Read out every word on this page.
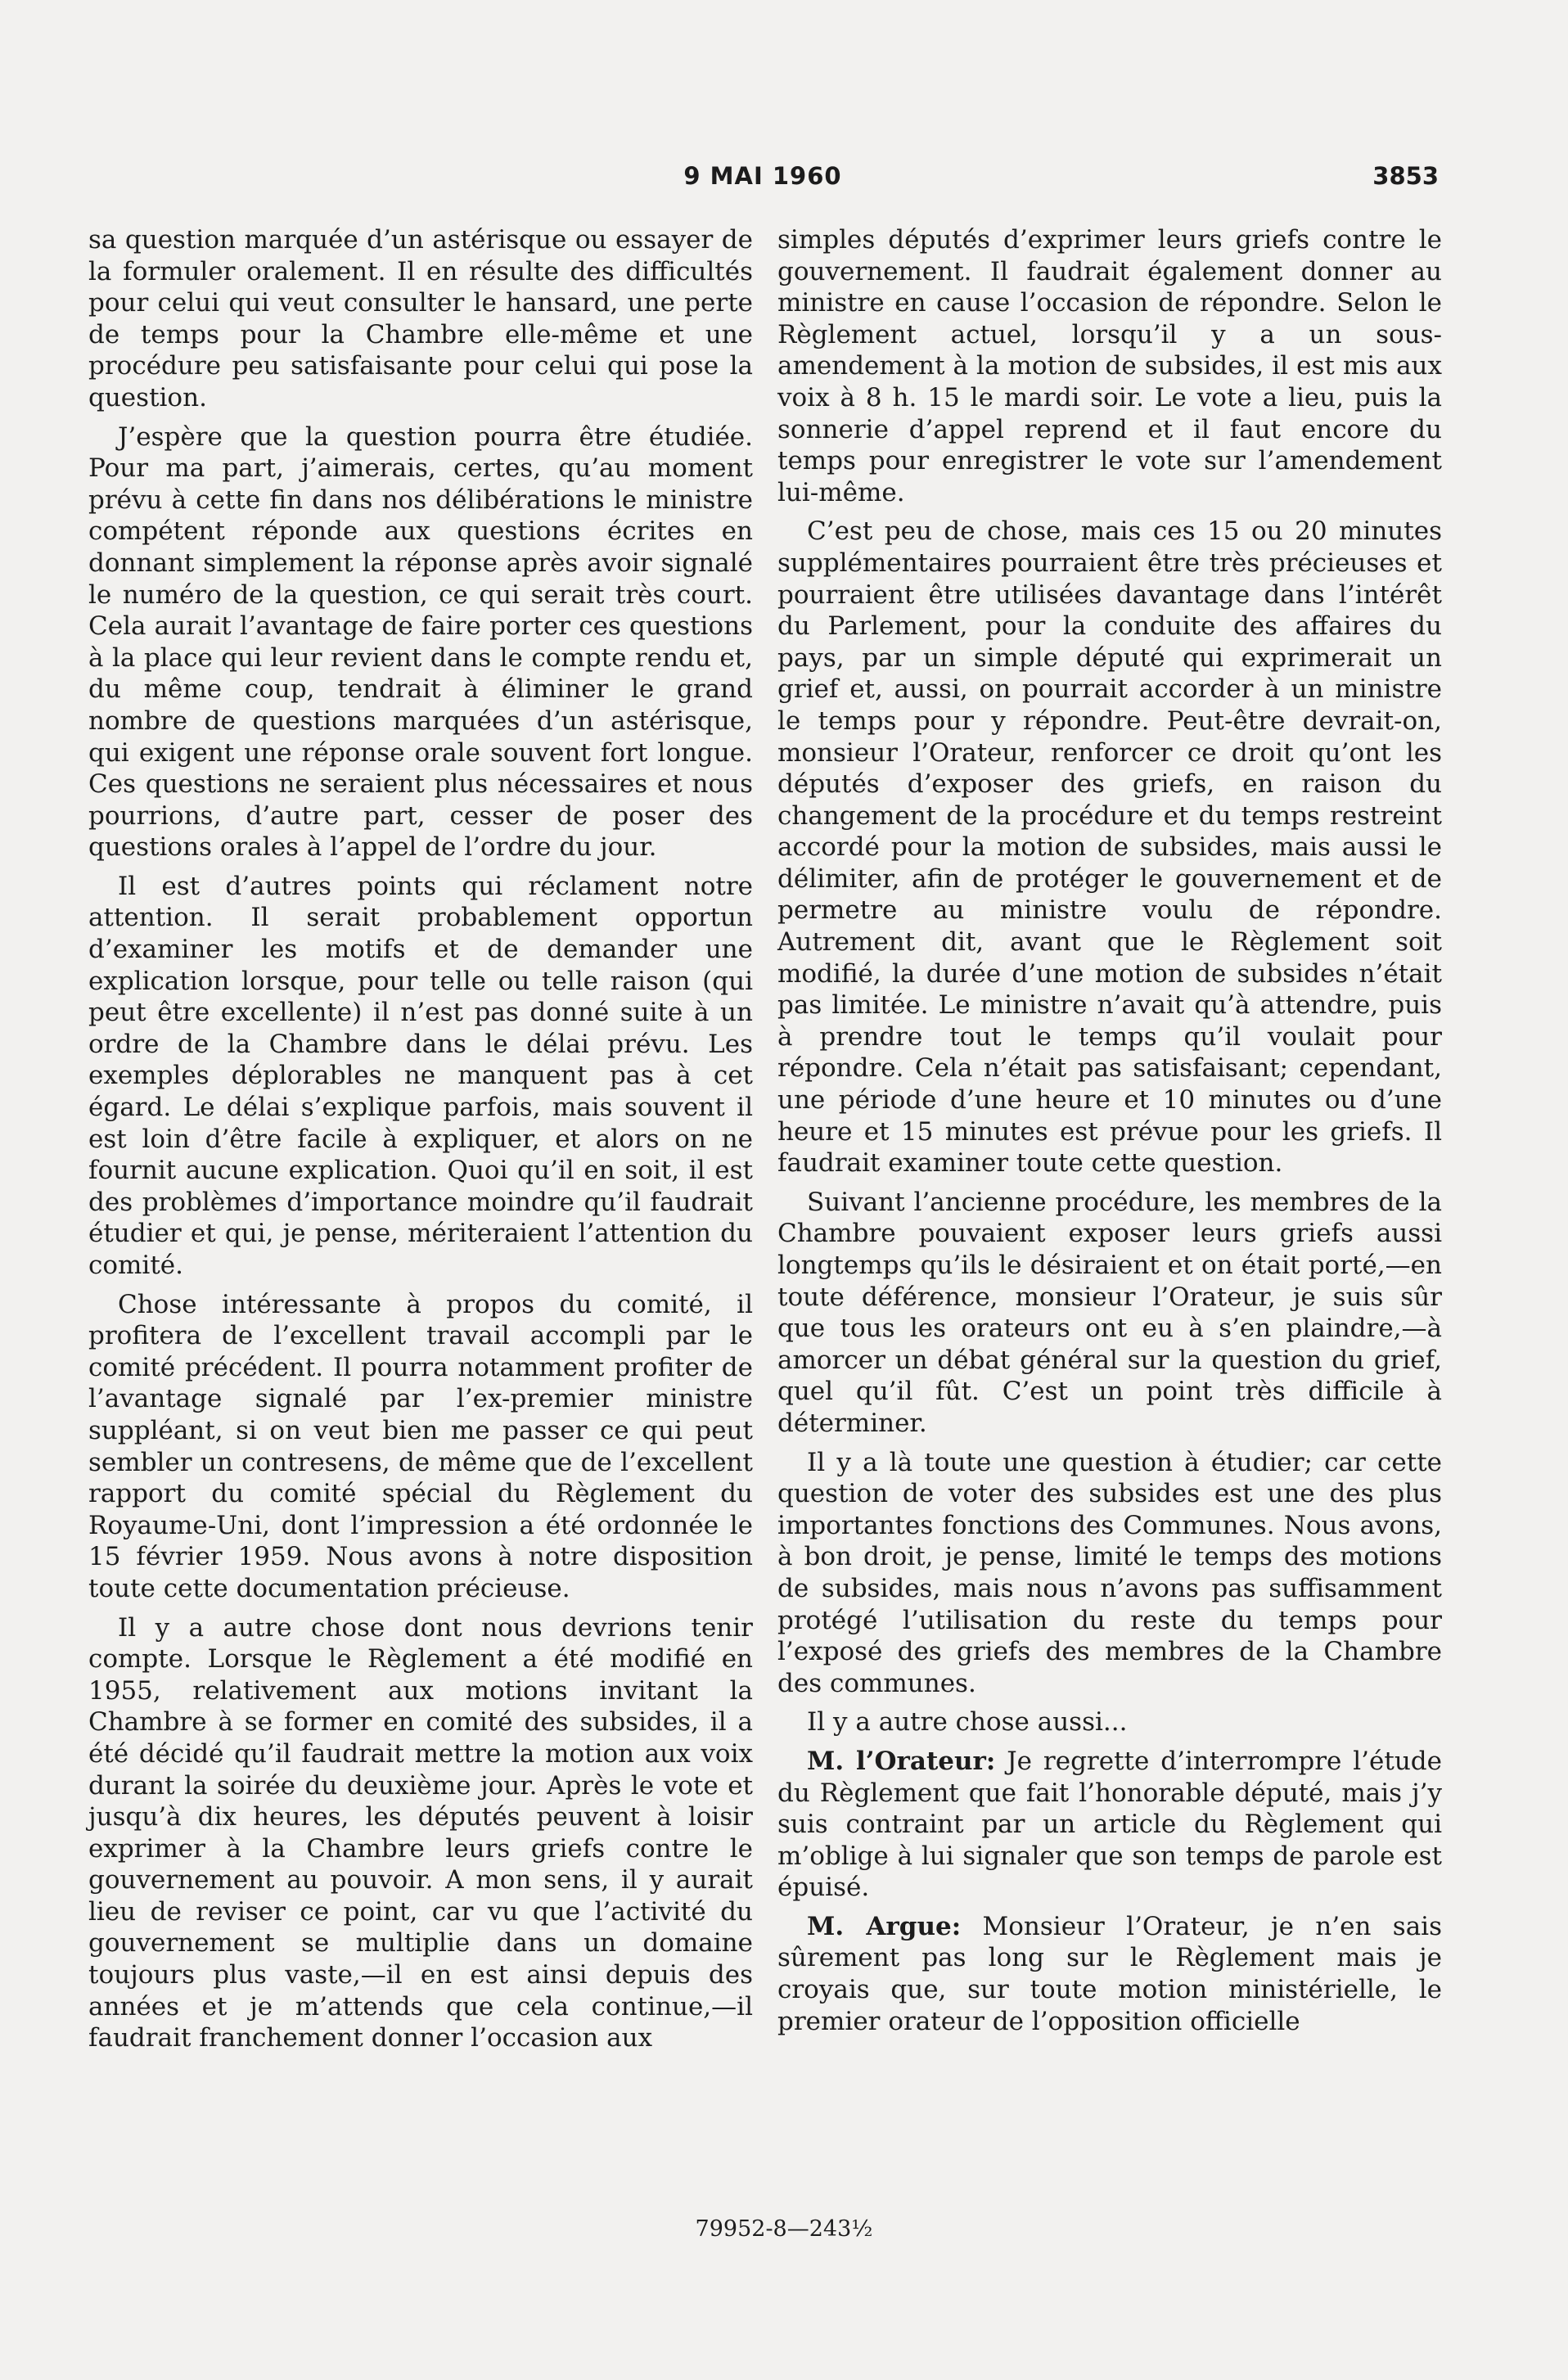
9 MAI 1960	3853

sa question marquée d’un astérisque ou essayer de la formuler oralement. Il en résulte des difficultés pour celui qui veut consulter le hansard, une perte de temps pour la Chambre elle-même et une procédure peu satisfaisante pour celui qui pose la question.

J’espère que la question pourra être étudiée. Pour ma part, j’aimerais, certes, qu’au moment prévu à cette fin dans nos délibérations le ministre compétent réponde aux questions écrites en donnant simplement la réponse après avoir signalé le numéro de la question, ce qui serait très court. Cela aurait l’avantage de faire porter ces questions à la place qui leur revient dans le compte rendu et, du même coup, tendrait à éliminer le grand nombre de questions marquées d’un astérisque, qui exigent une réponse orale souvent fort longue. Ces questions ne seraient plus nécessaires et nous pourrions, d’autre part, cesser de poser des questions orales à l’appel de l’ordre du jour.

Il est d’autres points qui réclament notre attention. Il serait probablement opportun d’examiner les motifs et de demander une explication lorsque, pour telle ou telle raison (qui peut être excellente) il n’est pas donné suite à un ordre de la Chambre dans le délai prévu. Les exemples déplorables ne manquent pas à cet égard. Le délai s’explique parfois, mais souvent il est loin d’être facile à expliquer, et alors on ne fournit aucune explication. Quoi qu’il en soit, il est des problèmes d’importance moindre qu’il faudrait étudier et qui, je pense, mériteraient l’attention du comité.

Chose intéressante à propos du comité, il profitera de l’excellent travail accompli par le comité précédent. Il pourra notamment profiter de l’avantage signalé par l’ex-premier ministre suppléant, si on veut bien me passer ce qui peut sembler un contresens, de même que de l’excellent rapport du comité spécial du Règlement du Royaume-Uni, dont l’impression a été ordonnée le 15 février 1959. Nous avons à notre disposition toute cette documentation précieuse.

Il y a autre chose dont nous devrions tenir compte. Lorsque le Règlement a été modifié en 1955, relativement aux motions invitant la Chambre à se former en comité des subsides, il a été décidé qu’il faudrait mettre la motion aux voix durant la soirée du deuxième jour. Après le vote et jusqu’à dix heures, les députés peuvent à loisir exprimer à la Chambre leurs griefs contre le gouvernement au pouvoir. A mon sens, il y aurait lieu de reviser ce point, car vu que l’activité du gouvernement se multiplie dans un domaine toujours plus vaste,—il en est ainsi depuis des années et je m’attends que cela continue,—il faudrait franchement donner l’occasion aux

simples députés d’exprimer leurs griefs contre le gouvernement. Il faudrait également donner au ministre en cause l’occasion de répondre. Selon le Règlement actuel, lorsqu’il y a un sous-amendement à la motion de subsides, il est mis aux voix à 8 h. 15 le mardi soir. Le vote a lieu, puis la sonnerie d’appel reprend et il faut encore du temps pour enregistrer le vote sur l’amendement lui-même.

C’est peu de chose, mais ces 15 ou 20 minutes supplémentaires pourraient être très précieuses et pourraient être utilisées davantage dans l’intérêt du Parlement, pour la conduite des affaires du pays, par un simple député qui exprimerait un grief et, aussi, on pourrait accorder à un ministre le temps pour y répondre. Peut-être devrait-on, monsieur l’Orateur, renforcer ce droit qu’ont les députés d’exposer des griefs, en raison du changement de la procédure et du temps restreint accordé pour la motion de subsides, mais aussi le délimiter, afin de protéger le gouvernement et de permetre au ministre voulu de répondre. Autrement dit, avant que le Règlement soit modifié, la durée d’une motion de subsides n’était pas limitée. Le ministre n’avait qu’à attendre, puis à prendre tout le temps qu’il voulait pour répondre. Cela n’était pas satisfaisant; cependant, une période d’une heure et 10 minutes ou d’une heure et 15 minutes est prévue pour les griefs. Il faudrait examiner toute cette question.

Suivant l’ancienne procédure, les membres de la Chambre pouvaient exposer leurs griefs aussi longtemps qu’ils le désiraient et on était porté,—en toute déférence, monsieur l’Orateur, je suis sûr que tous les orateurs ont eu à s’en plaindre,—à amorcer un débat général sur la question du grief, quel qu’il fût. C’est un point très difficile à déterminer.

Il y a là toute une question à étudier; car cette question de voter des subsides est une des plus importantes fonctions des Communes. Nous avons, à bon droit, je pense, limité le temps des motions de subsides, mais nous n’avons pas suffisamment protégé l’utilisation du reste du temps pour l’exposé des griefs des membres de la Chambre des communes.

Il y a autre chose aussi...

M. l’Orateur: Je regrette d’interrompre l’étude du Règlement que fait l’honorable député, mais j’y suis contraint par un article du Règlement qui m’oblige à lui signaler que son temps de parole est épuisé.

M. Argue: Monsieur l’Orateur, je n’en sais sûrement pas long sur le Règlement mais je croyais que, sur toute motion ministérielle, le premier orateur de l’opposition officielle

79952-8—243½
